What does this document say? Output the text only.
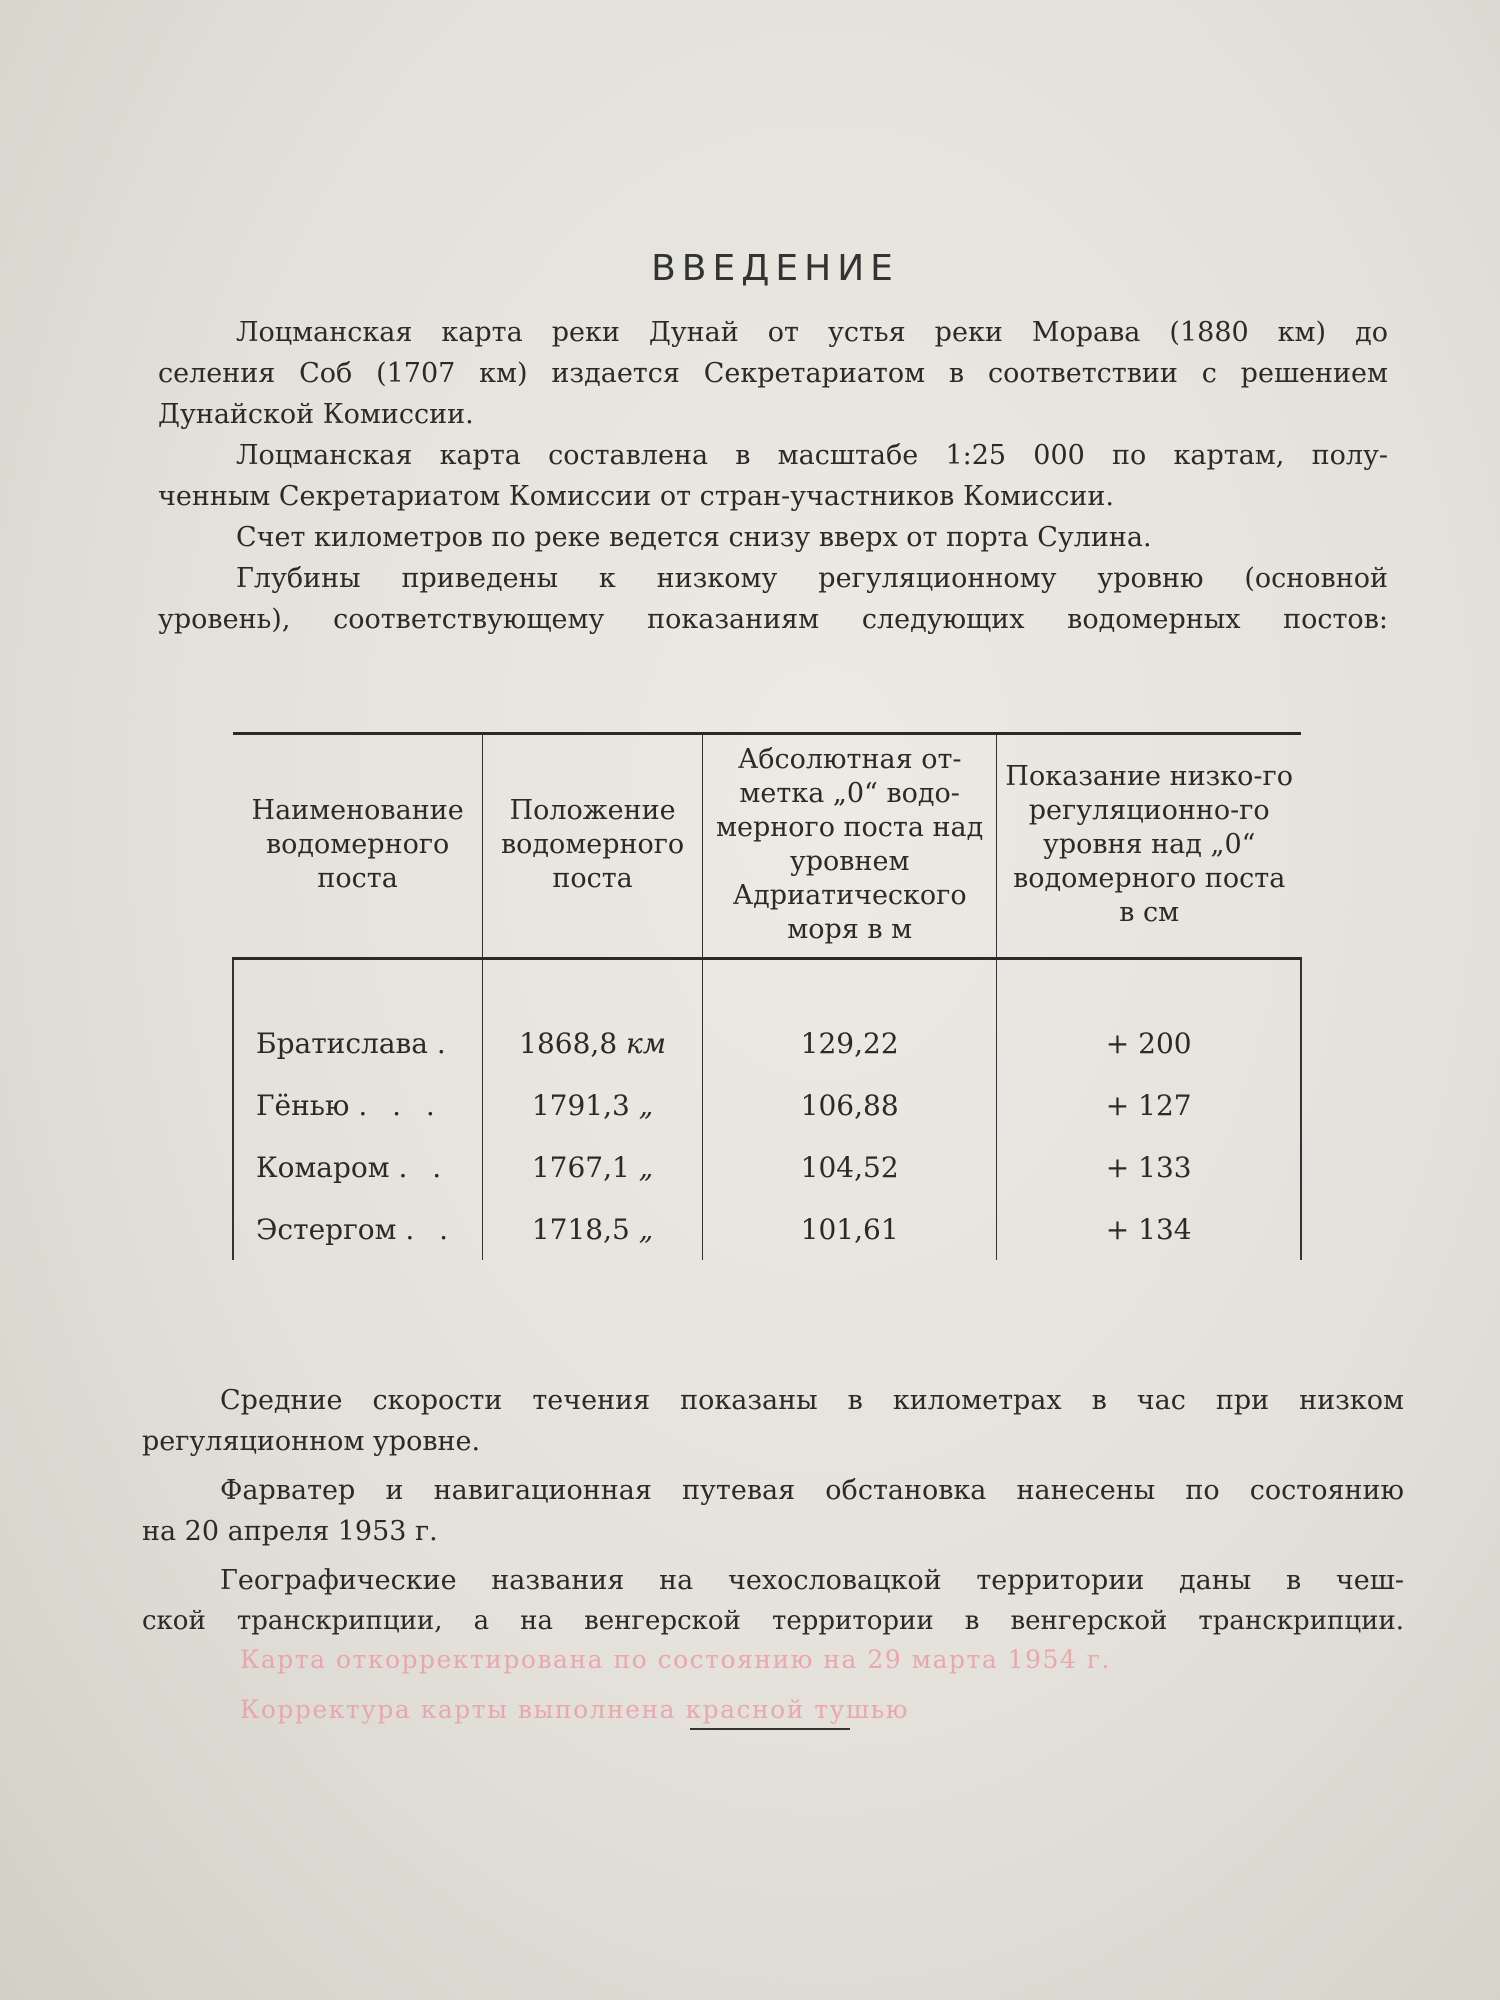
ВВЕДЕНИЕ
Лоцманская карта реки Дунай от устья реки Морава (1880 км) до
селения Соб (1707 км) издается Секретариатом в соответствии с решением
Дунайской Комиссии.
Лоцманская карта составлена в масштабе 1:25 000 по картам, полу-
ченным Секретариатом Комиссии от стран-участников Комиссии.
Счет километров по реке ведется снизу вверх от порта Сулина.
Глубины приведены к низкому регуляционному уровню (основной
уровень), соответствующему показаниям следующих водомерных постов:
Наименование водомерного поста	Положение водомерного поста	Абсолютная от-метка „0“ водо-мерного поста над уровнем Адриатического моря в м	Показание низко-го регуляционно-го уровня над „0“ водомерного поста в см
Братислава .	1868,8 км	129,22	+ 200
Гёнью . . .	1791,3 „	106,88	+ 127
Комаром . .	1767,1 „	104,52	+ 133
Эстергом . .	1718,5 „	101,61	+ 134
Средние скорости течения показаны в километрах в час при низком
регуляционном уровне.
Фарватер и навигационная путевая обстановка нанесены по состоянию
на 20 апреля 1953 г.
Географические названия на чехословацкой территории даны в чеш-
ской транскрипции, а на венгерской территории в венгерской транскрипции.
Карта откорректирована по состоянию на 29 марта 1954 г.
Корректура карты выполнена красной тушью
